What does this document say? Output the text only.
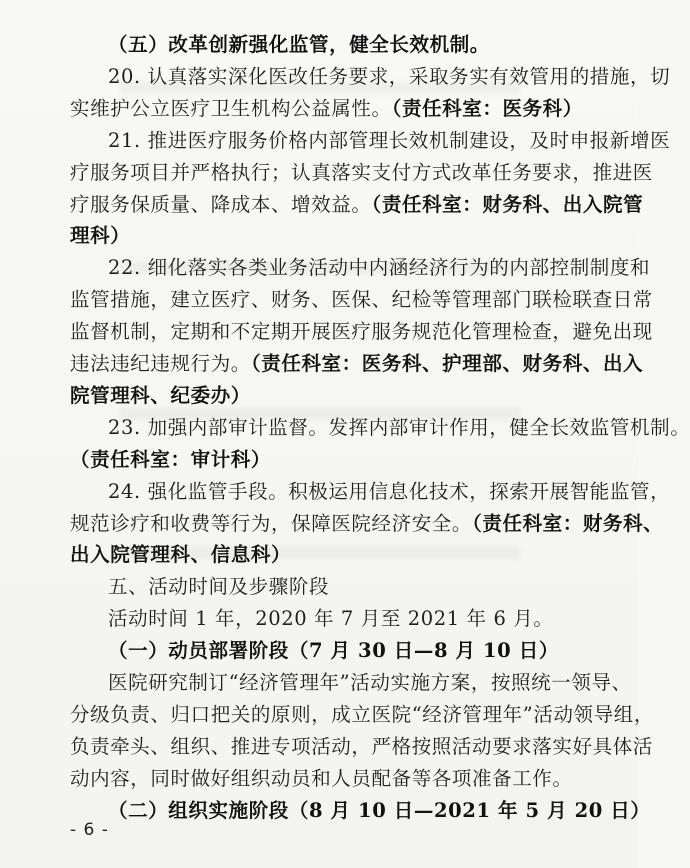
（五）改革创新强化监管，健全长效机制。
20. 认真落实深化医改任务要求，采取务实有效管用的措施，切
实维护公立医疗卫生机构公益属性。（责任科室：医务科）
21. 推进医疗服务价格内部管理长效机制建设，及时申报新增医
疗服务项目并严格执行；认真落实支付方式改革任务要求，推进医
疗服务保质量、降成本、增效益。（责任科室：财务科、出入院管
理科）
22. 细化落实各类业务活动中内涵经济行为的内部控制制度和
监管措施，建立医疗、财务、医保、纪检等管理部门联检联查日常
监督机制，定期和不定期开展医疗服务规范化管理检查，避免出现
违法违纪违规行为。（责任科室：医务科、护理部、财务科、出入
院管理科、纪委办）
23. 加强内部审计监督。发挥内部审计作用，健全长效监管机制。
（责任科室：审计科）
24. 强化监管手段。积极运用信息化技术，探索开展智能监管，
规范诊疗和收费等行为，保障医院经济安全。（责任科室：财务科、
出入院管理科、信息科）
五、活动时间及步骤阶段
活动时间 1 年，2020 年 7 月至 2021 年 6 月。
（一）动员部署阶段（7 月 30 日—8 月 10 日）
医院研究制订“经济管理年”活动实施方案，按照统一领导、
分级负责、归口把关的原则，成立医院“经济管理年”活动领导组，
负责牵头、组织、推进专项活动，严格按照活动要求落实好具体活
动内容，同时做好组织动员和人员配备等各项准备工作。
（二）组织实施阶段（8 月 10 日—2021 年 5 月 20 日）
- 6 -
